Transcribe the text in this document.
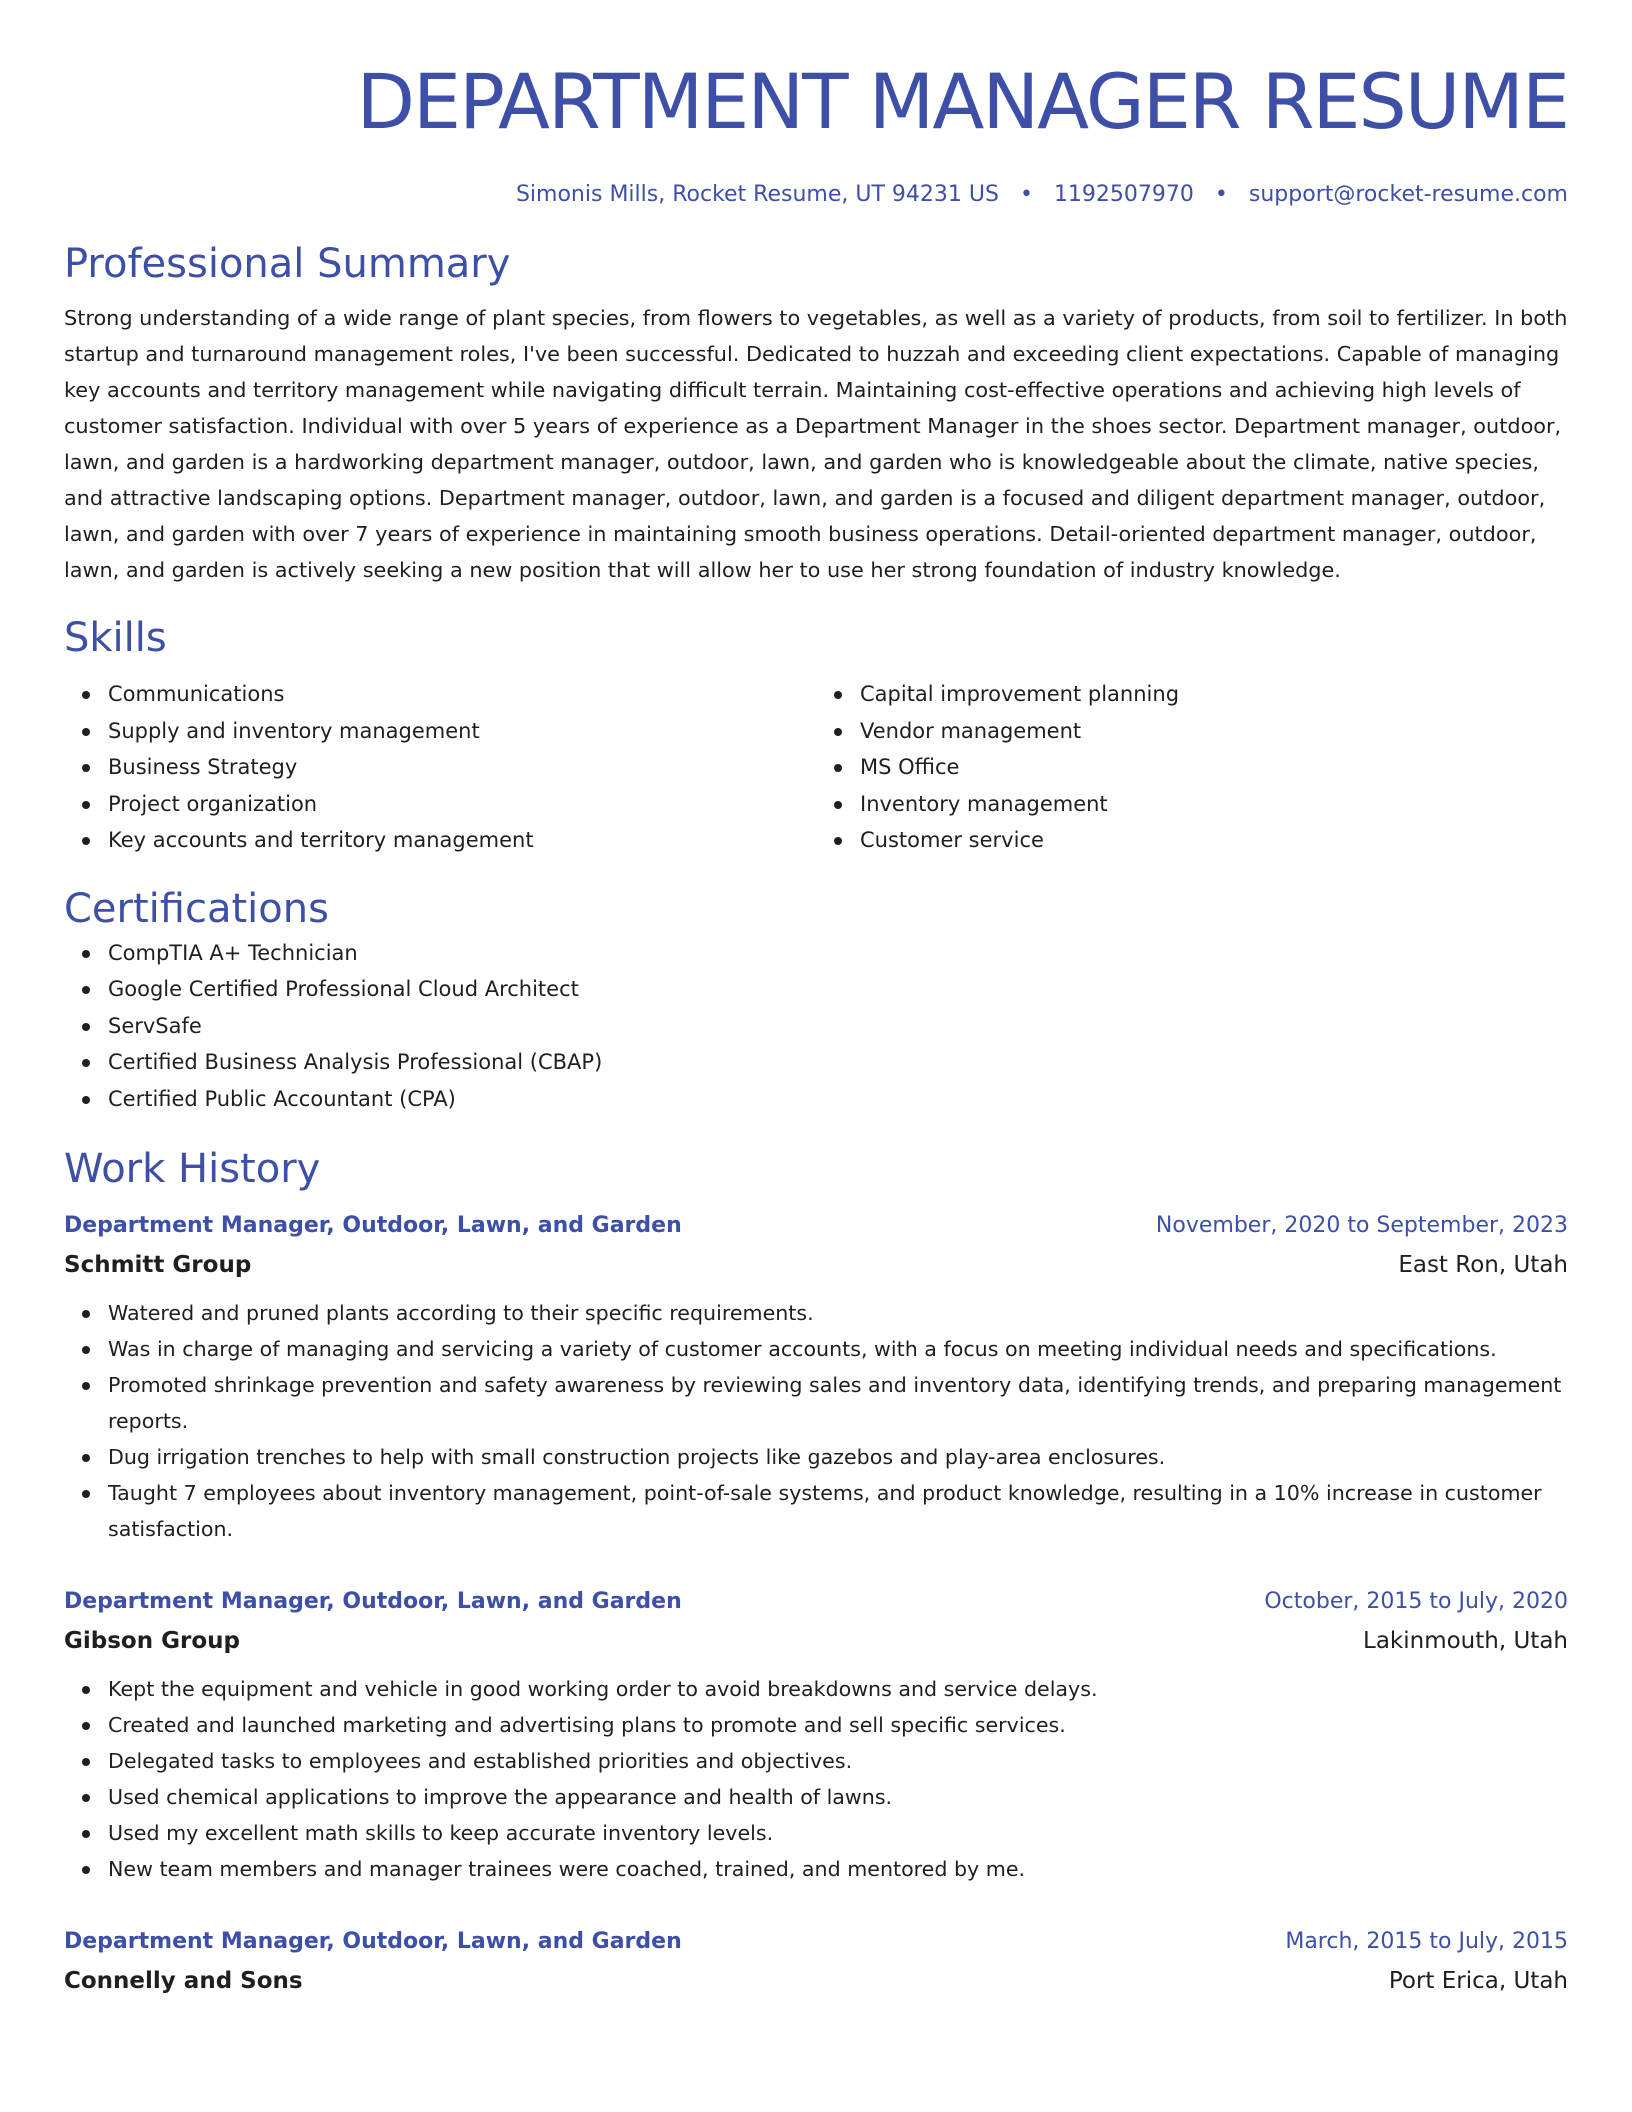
DEPARTMENT MANAGER RESUME
Simonis Mills, Rocket Resume, UT 94231 US • 1192507970 • support@rocket-resume.com
Professional Summary

Strong understanding of a wide range of plant species, from flowers to vegetables, as well as a variety of products, from soil to fertilizer. In both startup and turnaround management roles, I've been successful. Dedicated to huzzah and exceeding client expectations. Capable of managing key accounts and territory management while navigating difficult terrain. Maintaining cost-effective operations and achieving high levels of customer satisfaction. Individual with over 5 years of experience as a Department Manager in the shoes sector. Department manager, outdoor, lawn, and garden is a hardworking department manager, outdoor, lawn, and garden who is knowledgeable about the climate, native species, and attractive landscaping options. Department manager, outdoor, lawn, and garden is a focused and diligent department manager, outdoor, lawn, and garden with over 7 years of experience in maintaining smooth business operations. Detail-oriented department manager, outdoor, lawn, and garden is actively seeking a new position that will allow her to use her strong foundation of industry knowledge.

Skills
Communications
Supply and inventory management
Business Strategy
Project organization
Key accounts and territory management
Capital improvement planning
Vendor management
MS Office
Inventory management
Customer service
Certifications
CompTIA A+ Technician
Google Certified Professional Cloud Architect
ServSafe
Certified Business Analysis Professional (CBAP)
Certified Public Accountant (CPA)
Work History
Department Manager, Outdoor, Lawn, and Garden	November, 2020 to September, 2023
Schmitt Group	East Ron, Utah
Watered and pruned plants according to their specific requirements.
Was in charge of managing and servicing a variety of customer accounts, with a focus on meeting individual needs and specifications.
Promoted shrinkage prevention and safety awareness by reviewing sales and inventory data, identifying trends, and preparing management reports.
Dug irrigation trenches to help with small construction projects like gazebos and play-area enclosures.
Taught 7 employees about inventory management, point-of-sale systems, and product knowledge, resulting in a 10% increase in customer satisfaction.
Department Manager, Outdoor, Lawn, and Garden	October, 2015 to July, 2020
Gibson Group	Lakinmouth, Utah
Kept the equipment and vehicle in good working order to avoid breakdowns and service delays.
Created and launched marketing and advertising plans to promote and sell specific services.
Delegated tasks to employees and established priorities and objectives.
Used chemical applications to improve the appearance and health of lawns.
Used my excellent math skills to keep accurate inventory levels.
New team members and manager trainees were coached, trained, and mentored by me.
Department Manager, Outdoor, Lawn, and Garden	March, 2015 to July, 2015
Connelly and Sons	Port Erica, Utah
